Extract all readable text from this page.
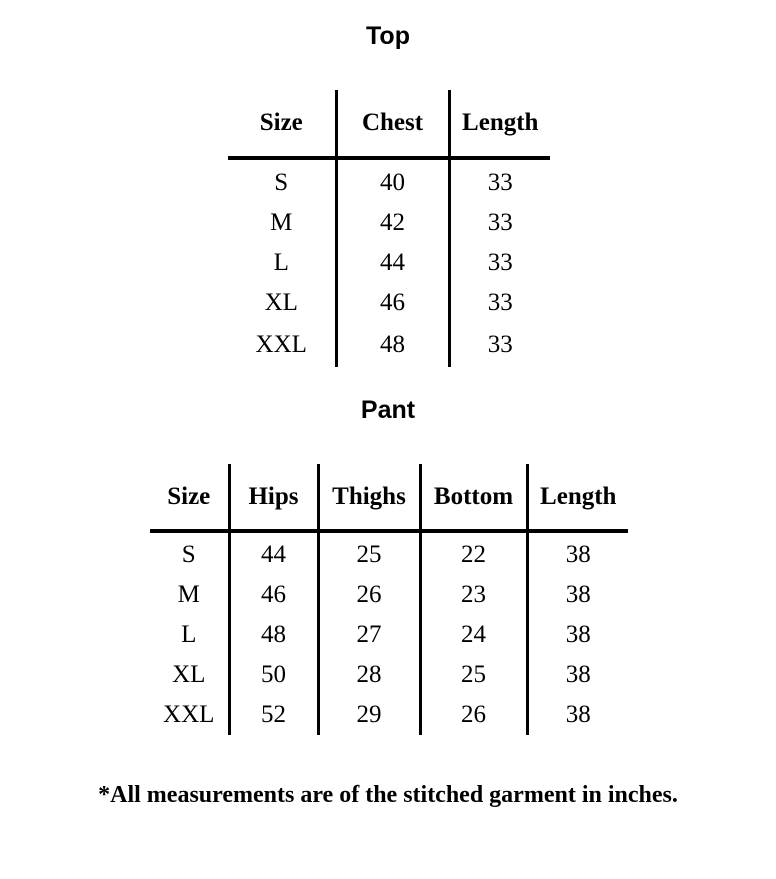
Top
Size	Chest	Length
S	40	33
M	42	33
L	44	33
XL	46	33
XXL	48	33
Pant
Size	Hips	Thighs	Bottom	Length
S	44	25	22	38
M	46	26	23	38
L	48	27	24	38
XL	50	28	25	38
XXL	52	29	26	38
*All measurements are of the stitched garment in inches.
